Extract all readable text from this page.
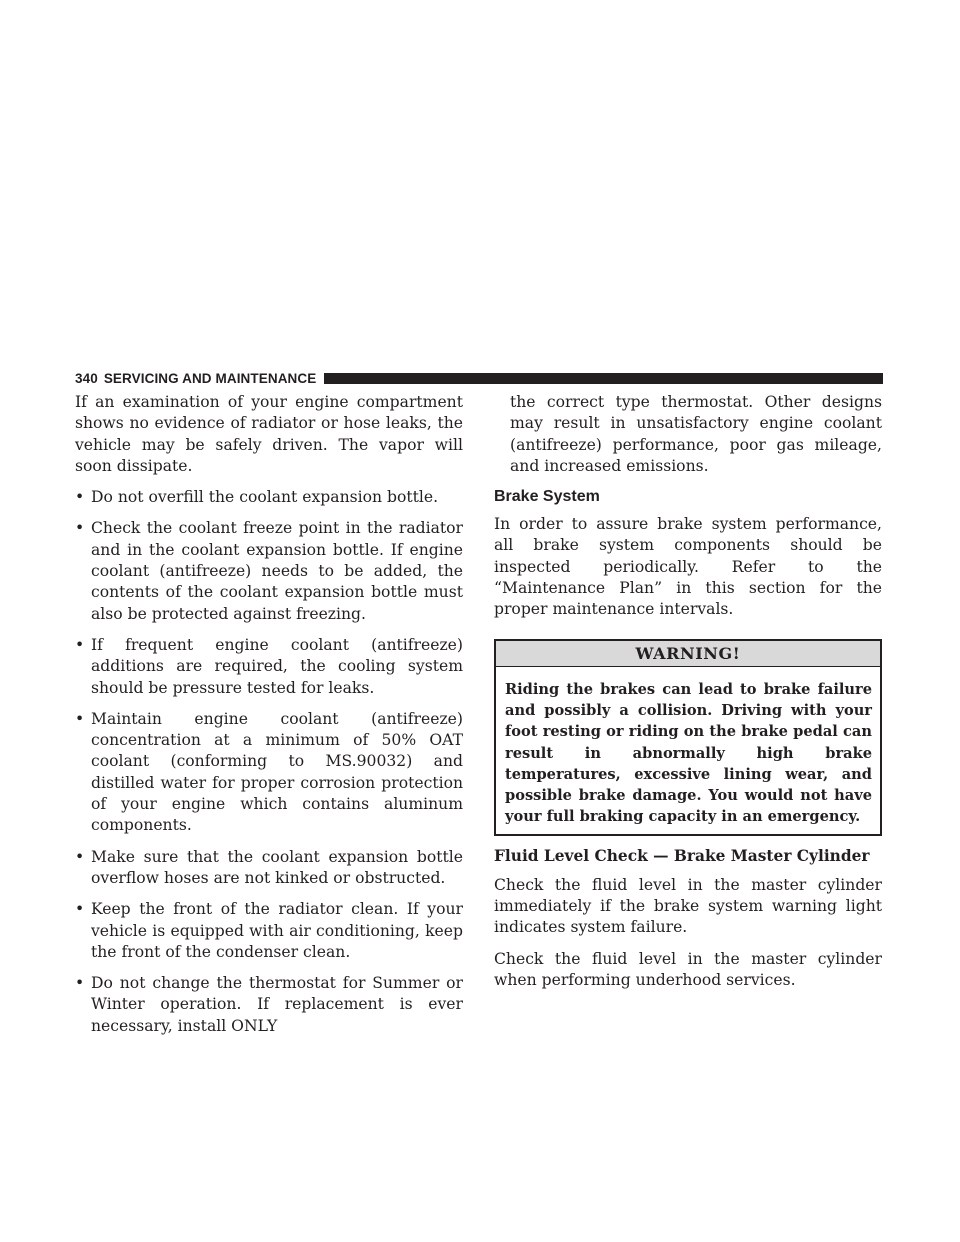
340 SERVICING AND MAINTENANCE

If an examination of your engine compartment shows no evidence of radiator or hose leaks, the vehicle may be safely driven. The vapor will soon dissipate.

• Do not overfill the coolant expansion bottle.
• Check the coolant freeze point in the radiator and in the coolant expansion bottle. If engine coolant (antifreeze) needs to be added, the contents of the coolant expansion bottle must also be protected against freezing.
• If frequent engine coolant (antifreeze) additions are required, the cooling system should be pressure tested for leaks.
• Maintain engine coolant (antifreeze) concentration at a minimum of 50% OAT coolant (conforming to MS.90032) and distilled water for proper corrosion protection of your engine which contains aluminum components.
• Make sure that the coolant expansion bottle overflow hoses are not kinked or obstructed.
• Keep the front of the radiator clean. If your vehicle is equipped with air conditioning, keep the front of the condenser clean.
• Do not change the thermostat for Summer or Winter operation. If replacement is ever necessary, install ONLY

the correct type thermostat. Other designs may result in unsatisfactory engine coolant (antifreeze) performance, poor gas mileage, and increased emissions.

Brake System

In order to assure brake system performance, all brake system components should be inspected periodically. Refer to the “Maintenance Plan” in this section for the proper maintenance intervals.

WARNING!
Riding the brakes can lead to brake failure and possibly a collision. Driving with your foot resting or riding on the brake pedal can result in abnormally high brake temperatures, excessive lining wear, and possible brake damage. You would not have your full braking capacity in an emergency.
Fluid Level Check — Brake Master Cylinder

Check the fluid level in the master cylinder immediately if the brake system warning light indicates system failure.

Check the fluid level in the master cylinder when performing underhood services.
